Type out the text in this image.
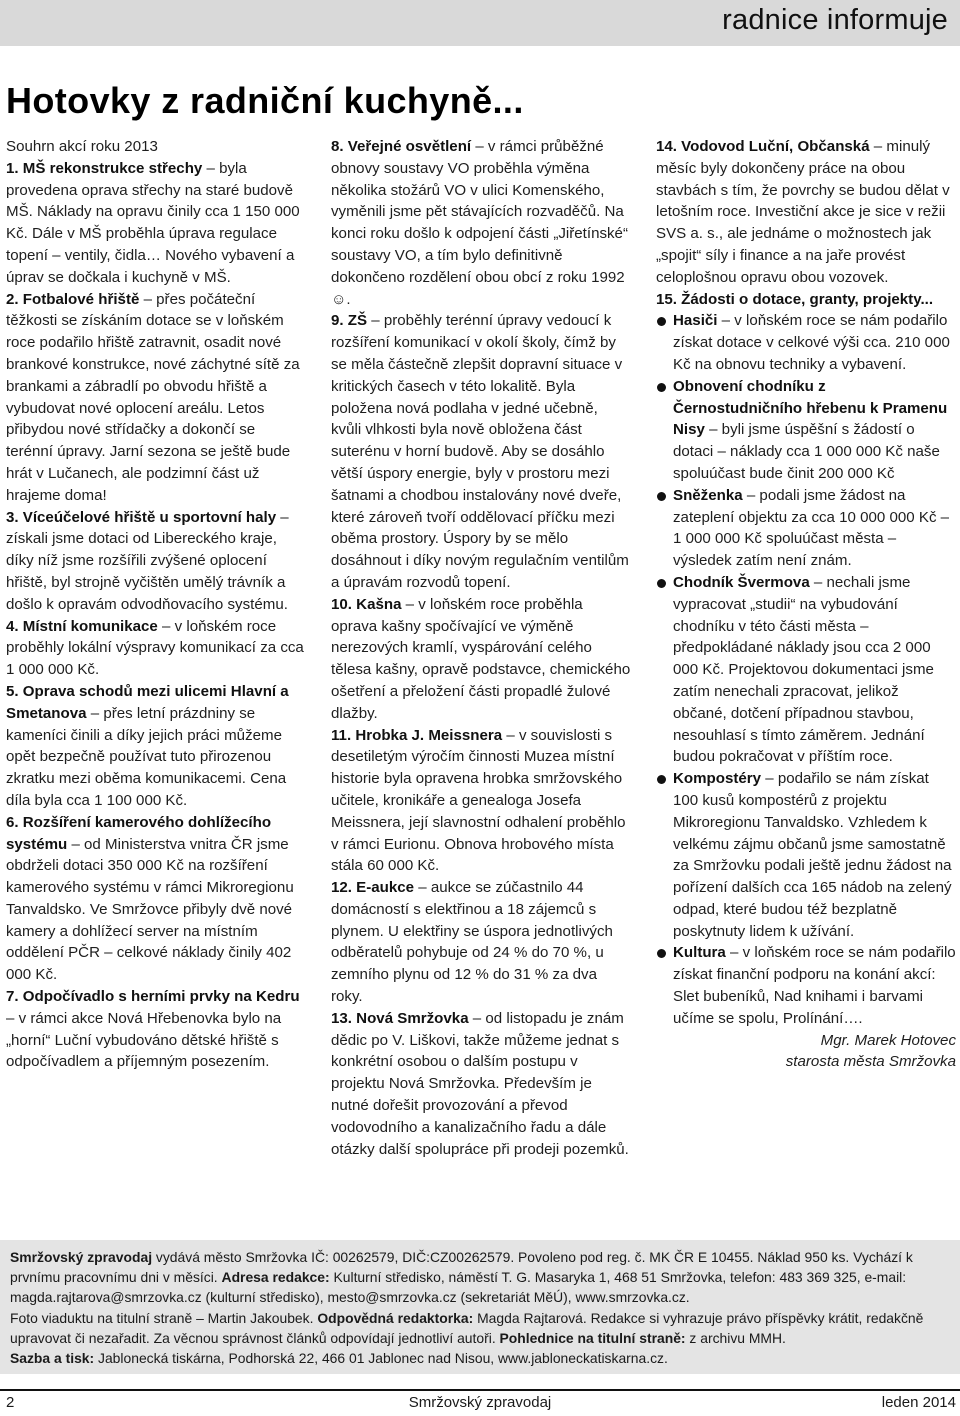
radnice informuje
Hotovky z radniční kuchyně...

Souhrn akcí roku 2013

1. MŠ rekonstrukce střechy – byla provedena oprava střechy na staré budově MŠ. Náklady na opravu činily cca 1 150 000 Kč. Dále v MŠ proběhla úprava regulace topení – ventily, čidla… Nového vybavení a úprav se dočkala i kuchyně v MŠ.

2. Fotbalové hřiště – přes počáteční těžkosti se získáním dotace se v loňském roce podařilo hřiště zatravnit, osadit nové brankové konstrukce, nové záchytné sítě za brankami a zábradlí po obvodu hřiště a vybudovat nové oplocení areálu. Letos přibydou nové střídačky a dokončí se terénní úpravy. Jarní sezona se ještě bude hrát v Lučanech, ale podzimní část už hrajeme doma!

3. Víceúčelové hřiště u sportovní haly – získali jsme dotaci od Libereckého kraje, díky níž jsme rozšířili zvýšené oplocení hřiště, byl strojně vyčištěn umělý trávník a došlo k opravám odvodňovacího systému.

4. Místní komunikace – v loňském roce proběhly lokální výspravy komunikací za cca 1 000 000 Kč.

5. Oprava schodů mezi ulicemi Hlavní a Smetanova – přes letní prázdniny se kameníci činili a díky jejich práci můžeme opět bezpečně používat tuto přirozenou zkratku mezi oběma komunikacemi. Cena díla byla cca 1 100 000 Kč.

6. Rozšíření kamerového dohlížecího systému – od Ministerstva vnitra ČR jsme obdrželi dotaci 350 000 Kč na rozšíření kamerového systému v rámci Mikroregionu Tanvaldsko. Ve Smržovce přibyly dvě nové kamery a dohlížecí server na místním oddělení PČR – celkové náklady činily 402 000 Kč.

7. Odpočívadlo s herními prvky na Kedru – v rámci akce Nová Hřebenovka bylo na „horní“ Luční vybudováno dětské hřiště s odpočívadlem a příjemným posezením.

8. Veřejné osvětlení – v rámci průběžné obnovy soustavy VO proběhla výměna několika stožárů VO v ulici Komenského, vyměnili jsme pět stávajících rozvaděčů. Na konci roku došlo k odpojení části „Jiřetínské“ soustavy VO, a tím bylo definitivně dokončeno rozdělení obou obcí z roku 1992 ☺.

9. ZŠ – proběhly terénní úpravy vedoucí k rozšíření komunikací v okolí školy, čímž by se měla částečně zlepšit dopravní situace v kritických časech v této lokalitě. Byla položena nová podlaha v jedné učebně, kvůli vlhkosti byla nově obložena část suterénu v horní budově. Aby se dosáhlo větší úspory energie, byly v prostoru mezi šatnami a chodbou instalovány nové dveře, které zároveň tvoří oddělovací příčku mezi oběma prostory. Úspory by se mělo dosáhnout i díky novým regulačním ventilům a úpravám rozvodů topení.

10. Kašna – v loňském roce proběhla oprava kašny spočívající ve výměně nerezových kramlí, vyspárování celého tělesa kašny, opravě podstavce, chemického ošetření a přeložení části propadlé žulové dlažby.

11. Hrobka J. Meissnera – v souvislosti s desetiletým výročím činnosti Muzea místní historie byla opravena hrobka smržovského učitele, kronikáře a genealoga Josefa Meissnera, její slavnostní odhalení proběhlo v rámci Eurionu. Obnova hrobového místa stála 60 000 Kč.

12. E-aukce – aukce se zúčastnilo 44 domácností s elektřinou a 18 zájemců s plynem. U elektřiny se úspora jednotlivých odběratelů pohybuje od 24 % do 70 %, u zemního plynu od 12 % do 31 % za dva roky.

13. Nová Smržovka – od listopadu je znám dědic po V. Liškovi, takže můžeme jednat s konkrétní osobou o dalším postupu v projektu Nová Smržovka. Především je nutné dořešit provozování a převod vodovodního a kanalizačního řadu a dále otázky další spolupráce při prodeji pozemků.

14. Vodovod Luční, Občanská – minulý měsíc byly dokončeny práce na obou stavbách s tím, že povrchy se budou dělat v letošním roce. Investiční akce je sice v režii SVS a. s., ale jednáme o možnostech jak „spojit“ síly i finance a na jaře provést celoplošnou opravu obou vozovek.

15. Žádosti o dotace, granty, projekty...

Hasiči – v loňském roce se nám podařilo získat dotace v celkové výši cca. 210 000 Kč na obnovu techniky a vybavení.

Obnovení chodníku z Černostudničního hřebenu k Pramenu Nisy – byli jsme úspěšní s žádostí o dotaci – náklady cca 1 000 000 Kč naše spoluúčast bude činit 200 000 Kč

Sněženka – podali jsme žádost na zateplení objektu za cca 10 000 000 Kč – 1 000 000 Kč spoluúčast města – výsledek zatím není znám.

Chodník Švermova – nechali jsme vypracovat „studii“ na vybudování chodníku v této části města – předpokládané náklady jsou cca 2 000 000 Kč. Projektovou dokumentaci jsme zatím nenechali zpracovat, jelikož občané, dotčení případnou stavbou, nesouhlasí s tímto záměrem. Jednání budou pokračovat v příštím roce.

Kompostéry – podařilo se nám získat 100 kusů kompostérů z projektu Mikroregionu Tanvaldsko. Vzhledem k velkému zájmu občanů jsme samostatně za Smržovku podali ještě jednu žádost na pořízení dalších cca 165 nádob na zelený odpad, které budou též bezplatně poskytnuty lidem k užívání.

Kultura – v loňském roce se nám podařilo získat finanční podporu na konání akcí: Slet bubeníků, Nad knihami i barvami učíme se spolu, Prolínání….

Mgr. Marek Hotovec

starosta města Smržovka

Smržovský zpravodaj vydává město Smržovka IČ: 00262579, DIČ:CZ00262579. Povoleno pod reg. č. MK ČR E 10455. Náklad 950 ks. Vychází k prvnímu pracovnímu dni v měsíci. Adresa redakce: Kulturní středisko, náměstí T. G. Masaryka 1, 468 51 Smržovka, telefon: 483 369 325, e-mail: magda.rajtarova@smrzovka.cz (kulturní středisko), mesto@smrzovka.cz (sekretariát MěÚ), www.smrzovka.cz.

Foto viaduktu na titulní straně – Martin Jakoubek. Odpovědná redaktorka: Magda Rajtarová. Redakce si vyhrazuje právo příspěvky krátit, redakčně upravovat či nezařadit. Za věcnou správnost článků odpovídají jednotliví autoři. Pohlednice na titulní straně: z archivu MMH.

Sazba a tisk: Jablonecká tiskárna, Podhorská 22, 466 01 Jablonec nad Nisou, www.jabloneckatiskarna.cz.

2	Smržovský zpravodaj	leden 2014
